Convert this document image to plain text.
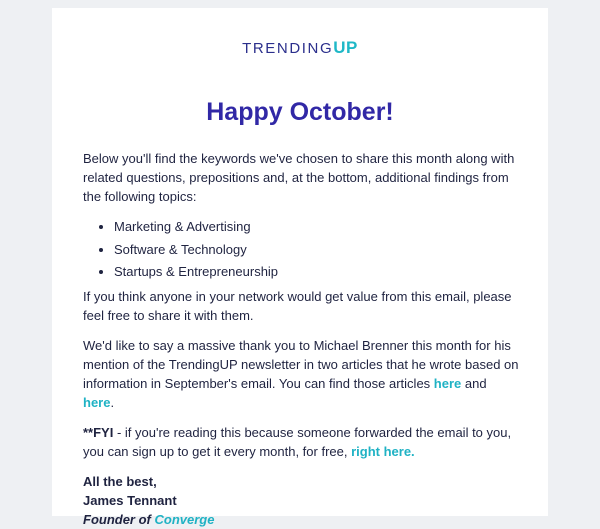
TRENDINGUP
Happy October!

Below you'll find the keywords we've chosen to share this month along with related questions, prepositions and, at the bottom, additional findings from the following topics:

• Marketing & Advertising
• Software & Technology
• Startups & Entrepreneurship

If you think anyone in your network would get value from this email, please feel free to share it with them.

We'd like to say a massive thank you to Michael Brenner this month for his mention of the TrendingUP newsletter in two articles that he wrote based on information in September's email. You can find those articles here and here.

**FYI - if you're reading this because someone forwarded the email to you, you can sign up to get it every month, for free, right here.

All the best,
James Tennant
Founder of Converge
